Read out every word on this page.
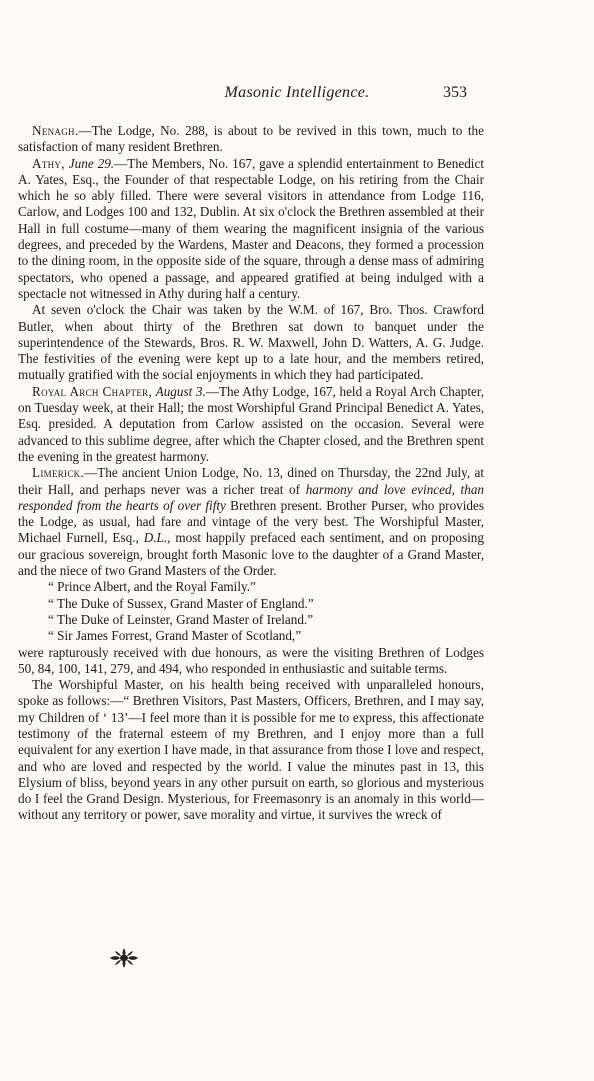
Masonic Intelligence.	353

Nenagh.—The Lodge, No. 288, is about to be revived in this town, much to the satisfaction of many resident Brethren.

Athy, June 29.—The Members, No. 167, gave a splendid entertainment to Benedict A. Yates, Esq., the Founder of that respectable Lodge, on his retiring from the Chair which he so ably filled. There were several visitors in attendance from Lodge 116, Carlow, and Lodges 100 and 132, Dublin. At six o'clock the Brethren assembled at their Hall in full costume—many of them wearing the magnificent insignia of the various degrees, and preceded by the Wardens, Master and Deacons, they formed a procession to the dining room, in the opposite side of the square, through a dense mass of admiring spectators, who opened a passage, and appeared gratified at being indulged with a spectacle not witnessed in Athy during half a century.

At seven o'clock the Chair was taken by the W.M. of 167, Bro. Thos. Crawford Butler, when about thirty of the Brethren sat down to banquet under the superintendence of the Stewards, Bros. R. W. Maxwell, John D. Watters, A. G. Judge. The festivities of the evening were kept up to a late hour, and the members retired, mutually gratified with the social enjoyments in which they had participated.

Royal Arch Chapter, August 3.—The Athy Lodge, 167, held a Royal Arch Chapter, on Tuesday week, at their Hall; the most Worshipful Grand Principal Benedict A. Yates, Esq. presided. A deputation from Carlow assisted on the occasion. Several were advanced to this sublime degree, after which the Chapter closed, and the Brethren spent the evening in the greatest harmony.

Limerick.—The ancient Union Lodge, No. 13, dined on Thursday, the 22nd July, at their Hall, and perhaps never was a richer treat of harmony and love evinced, than responded from the hearts of over fifty Brethren present. Brother Purser, who provides the Lodge, as usual, had fare and vintage of the very best. The Worshipful Master, Michael Furnell, Esq., D.L., most happily prefaced each sentiment, and on proposing our gracious sovereign, brought forth Masonic love to the daughter of a Grand Master, and the niece of two Grand Masters of the Order.

“ Prince Albert, and the Royal Family.”

“ The Duke of Sussex, Grand Master of England.”

“ The Duke of Leinster, Grand Master of Ireland.”

“ Sir James Forrest, Grand Master of Scotland,”

were rapturously received with due honours, as were the visiting Brethren of Lodges 50, 84, 100, 141, 279, and 494, who responded in enthusiastic and suitable terms.

The Worshipful Master, on his health being received with unparalleled honours, spoke as follows:—“ Brethren Visitors, Past Masters, Officers, Brethren, and I may say, my Children of ‘ 13’—I feel more than it is possible for me to express, this affectionate testimony of the fraternal esteem of my Brethren, and I enjoy more than a full equivalent for any exertion I have made, in that assurance from those I love and respect, and who are loved and respected by the world. I value the minutes past in 13, this Elysium of bliss, beyond years in any other pursuit on earth, so glorious and mysterious do I feel the Grand Design. Mysterious, for Freemasonry is an anomaly in this world—without any territory or power, save morality and virtue, it survives the wreck of
